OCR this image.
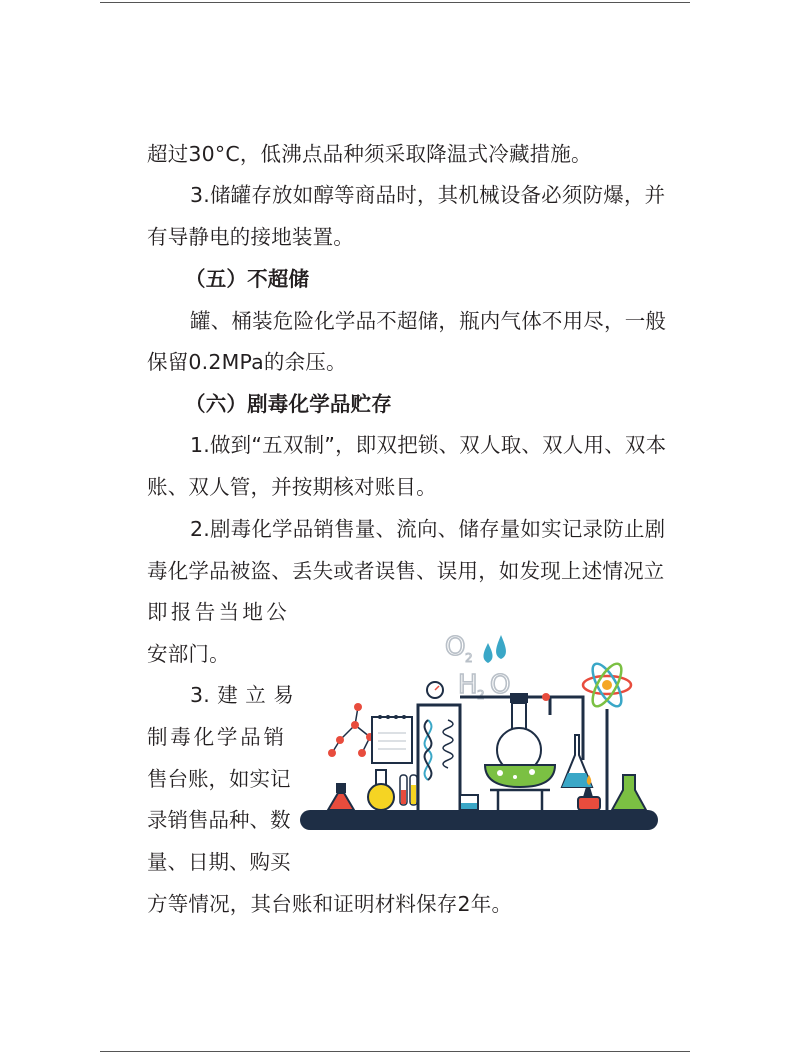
超过30°C，低沸点品种须采取降温式冷藏措施。
3.储罐存放如醇等商品时，其机械设备必须防爆，并
有导静电的接地装置。
（五）不超储
罐、桶装危险化学品不超储，瓶内气体不用尽，一般
保留0.2MPa的余压。
（六）剧毒化学品贮存
1.做到“五双制”，即双把锁、双人取、双人用、双本
账、双人管，并按期核对账目。
2.剧毒化学品销售量、流向、储存量如实记录防止剧
毒化学品被盗、丢失或者误售、误用，如发现上述情况立
即报告当地公
安部门。
3.建立易
制毒化学品销
售台账，如实记
录销售品种、数
量、日期、购买
方等情况，其台账和证明材料保存2年。
O 2
H 2 O
